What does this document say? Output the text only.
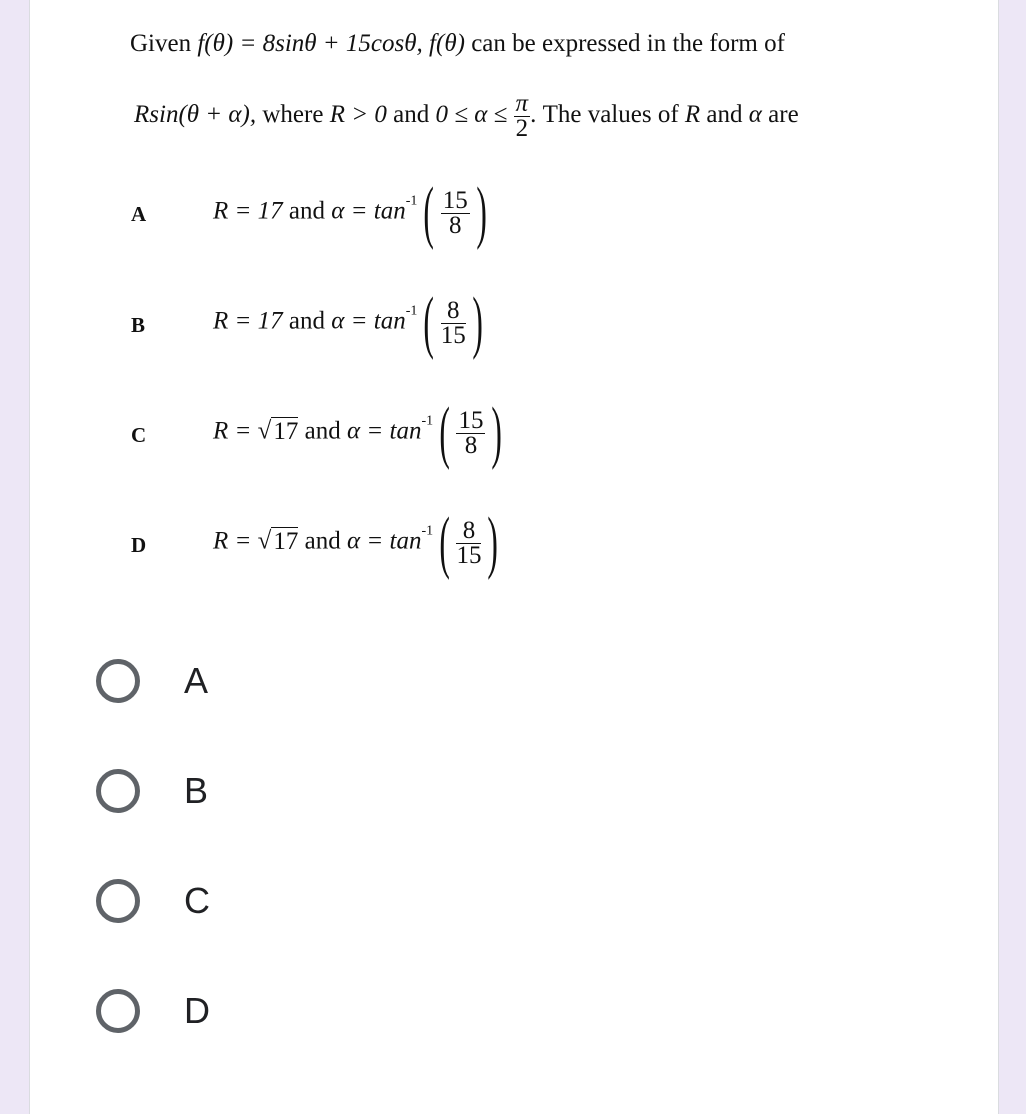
Given f(θ) = 8sinθ + 15cosθ, f(θ) can be expressed in the form of
Rsin(θ + α), where R > 0 and $0 \le \alpha \le \frac{\pi}{2}$ . The values of R and α are
A	R = 17 and $\alpha = \tan^{-1}( \frac{15}{8}$ )
B	R = 17 and $\alpha = \tan^{-1}( \frac{8}{15}$ )
C	R = √17 and $\alpha = \tan^{-1}( \frac{15}{8}$ )
D	R = √17 and $\alpha = \tan^{-1}( \frac{8}{15}$ )
A
B
C
D
